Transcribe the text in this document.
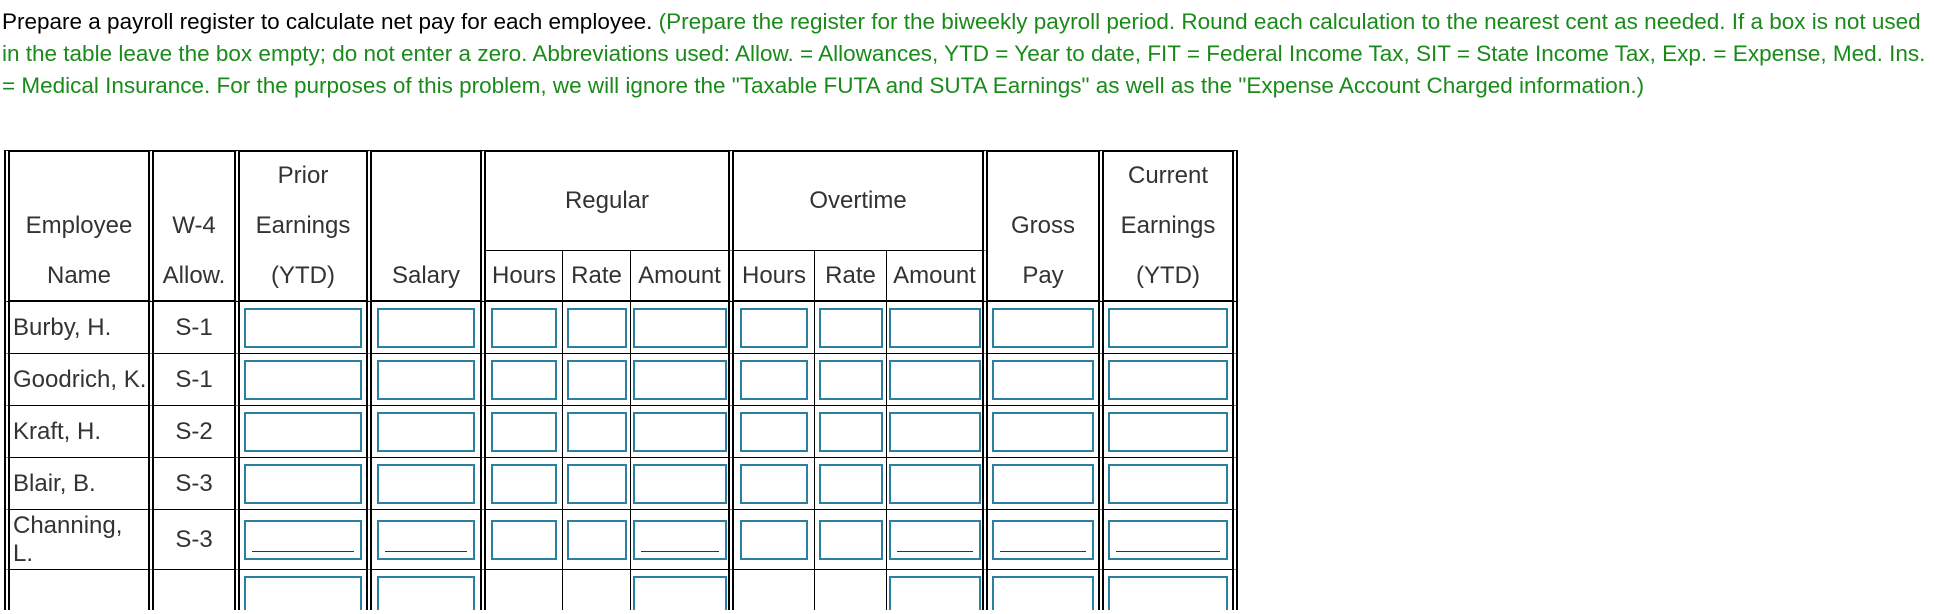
Prepare a payroll register to calculate net pay for each employee. (Prepare the register for the biweekly payroll period. Round each calculation to the nearest cent as needed. If a box is not used in the table leave the box empty; do not enter a zero. Abbreviations used: Allow. = Allowances, YTD = Year to date, FIT = Federal Income Tax, SIT = State Income Tax, Exp. = Expense, Med. Ins. = Medical Insurance. For the purposes of this problem, we will ignore the "Taxable FUTA and SUTA Earnings" as well as the "Expense Account Charged information.)
		Prior		Regular			Overtime				Current
Employee	W-4	Earnings								Gross	Earnings
Name	Allow.	(YTD)	Salary	Hours	Rate	Amount	Hours	Rate	Amount	Pay	(YTD)
Burby, H.	S-1	

Goodrich, K.	S-1	

Kraft, H.	S-2	

Blair, B.	S-3	

Channing, L.	S-3	
